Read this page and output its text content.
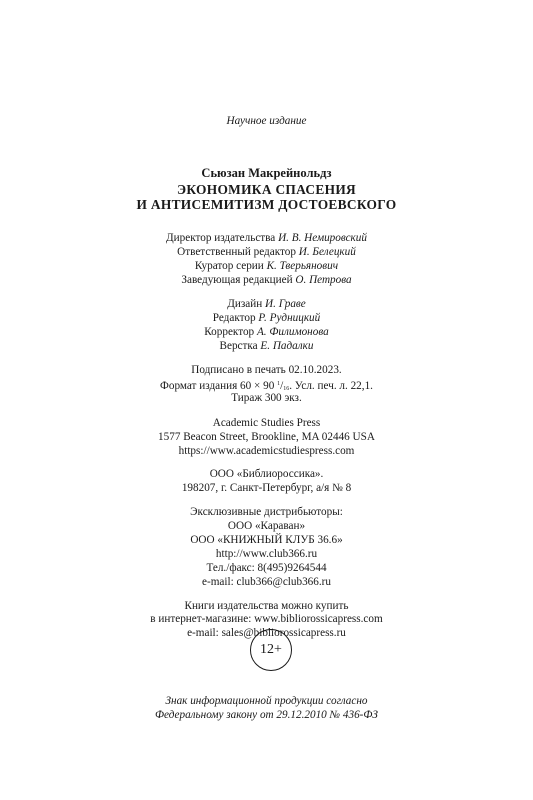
Научное издание
Сьюзан Макрейнольдз
ЭКОНОМИКА СПАСЕНИЯ
И АНТИСЕМИТИЗМ ДОСТОЕВСКОГО
Директор издательства И. В. Немировский
Ответственный редактор И. Белецкий
Куратор серии К. Тверьянович
Заведующая редакцией О. Петрова
Дизайн И. Граве
Редактор Р. Рудницкий
Корректор А. Филимонова
Верстка Е. Падалки
Подписано в печать 02.10.2023.
Формат издания 60 × 90 $^1$/16. Усл. печ. л. 22,1.
Тираж 300 экз.
Academic Studies Press
1577 Beacon Street, Brookline, MA 02446 USA
https://www.academicstudiespress.com
ООО «Библиороссика».
198207, г. Санкт-Петербург, а/я № 8
Эксклюзивные дистрибьюторы:
ООО «Караван»
ООО «КНИЖНЫЙ КЛУБ 36.6»
http://www.club366.ru
Тел./факс: 8(495)9264544
e-mail: club366@club366.ru
Книги издательства можно купить
в интернет-магазине: www.bibliorossicapress.com
e-mail: sales@bibliorossicapress.ru
12+
Знак информационной продукции согласно
Федеральному закону от 29.12.2010 № 436-ФЗ
